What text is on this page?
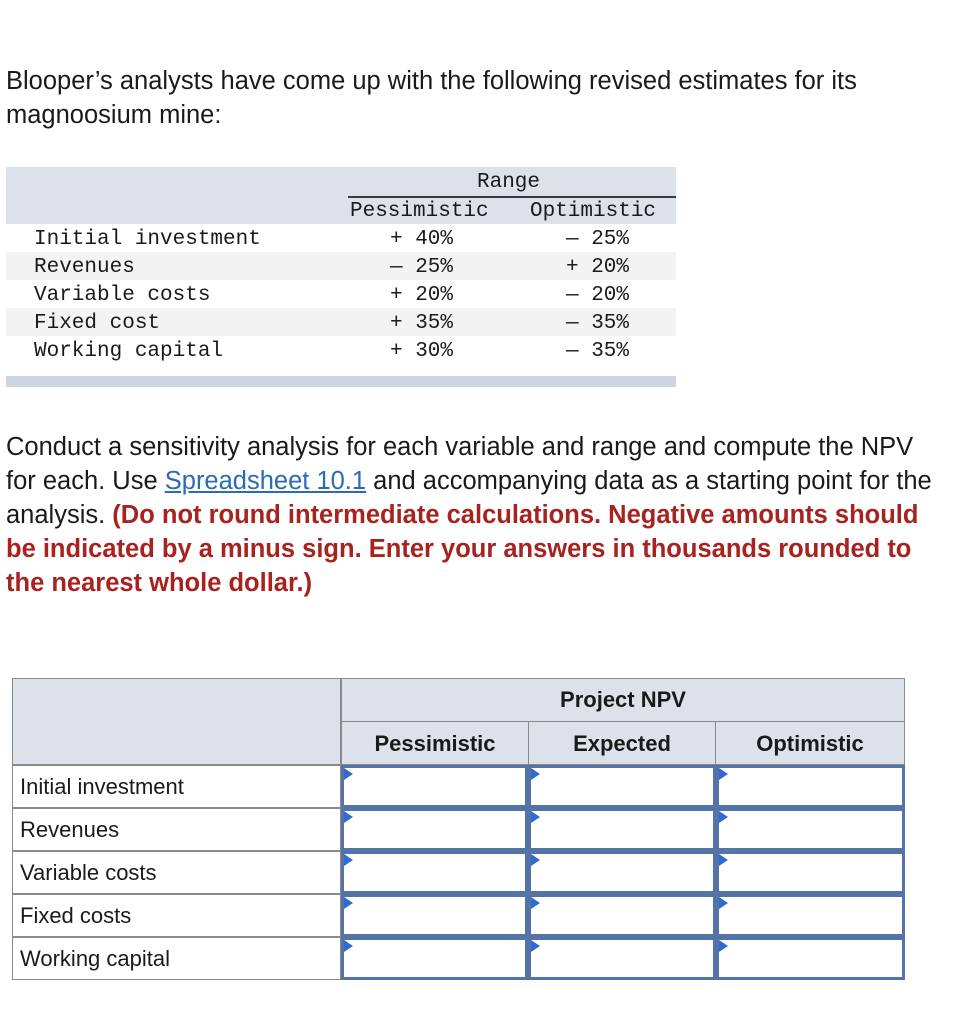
Blooper’s analysts have come up with the following revised estimates for its magnoosium mine:
Range
Pessimistic Optimistic
Initial investment	+ 40%	— 25%
Revenues	— 25%	+ 20%
Variable costs	+ 20%	— 20%
Fixed cost	+ 35%	— 35%
Working capital	+ 30%	— 35%
Conduct a sensitivity analysis for each variable and range and compute the NPV for each. Use Spreadsheet 10.1 and accompanying data as a starting point for the analysis. (Do not round intermediate calculations. Negative amounts should be indicated by a minus sign. Enter your answers in thousands rounded to the nearest whole dollar.)
Project NPV
Pessimistic	Expected	Optimistic
Initial investment
Revenues
Variable costs
Fixed costs
Working capital
